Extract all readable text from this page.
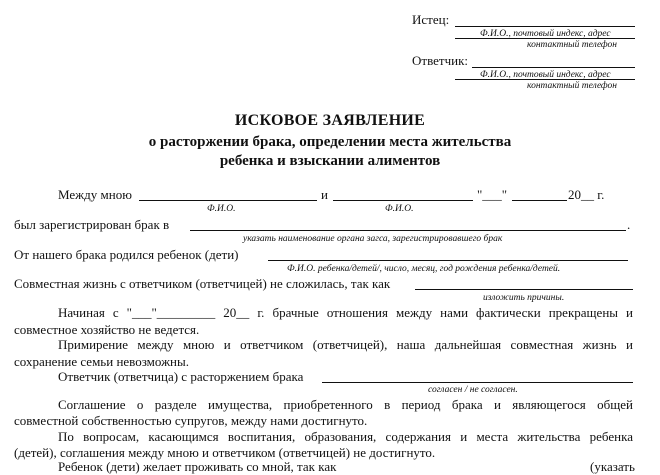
Истец:
Ф.И.О., почтовый индекс, адрес
контактный телефон
Ответчик:
Ф.И.О., почтовый индекс, адрес
контактный телефон
ИСКОВОЕ ЗАЯВЛЕНИЕ
о расторжении брака, определении места жительства
ребенка и взыскании алиментов
Между мною	и	"___"	20__ г.
Ф.И.О.	Ф.И.О.
был зарегистрирован брак в	.
указать наименование органа загса, зарегистрировавшего брак
От нашего брака родился ребенок (дети)
Ф.И.О. ребенка/детей/, число, месяц, год рождения ребенка/детей.
Совместная жизнь с ответчиком (ответчицей) не сложилась, так как
изложить причины.
Начиная с "___"_________ 20__ г. брачные отношения между нами фактически прекращены и
совместное хозяйство не ведется.
Примирение между мною и ответчиком (ответчицей), наша дальнейшая совместная жизнь и
сохранение семьи невозможны.
Ответчик (ответчица) с расторжением брака
согласен / не согласен.
Соглашение о разделе имущества, приобретенного в период брака и являющегося общей
совместной собственностью супругов, между нами достигнуто.
По вопросам, касающимся воспитания, образования, содержания и места жительства ребенка
(детей), соглашения между мною и ответчиком (ответчицей) не достигнуто.
Ребенок (дети) желает проживать со мной, так как	(указать
